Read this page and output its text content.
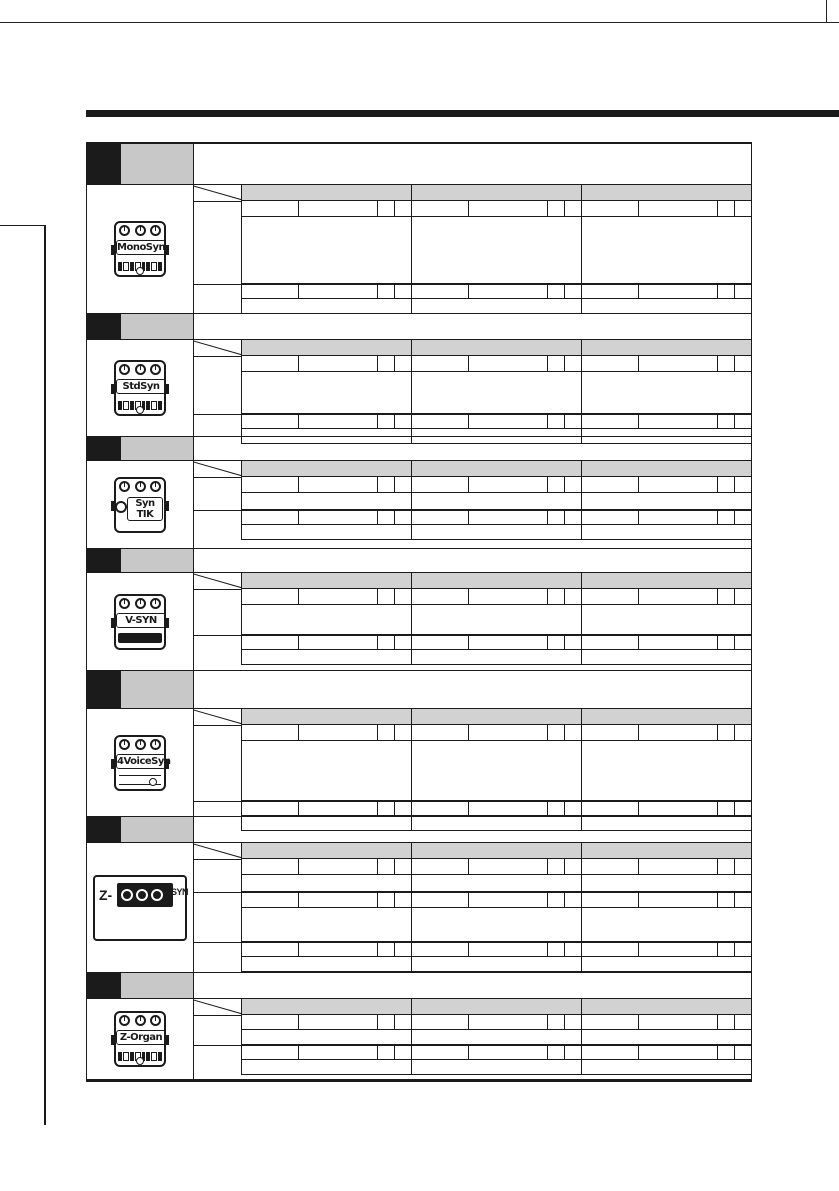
MonoSyn
StdSyn
Syn
TIK
V-SYN
4VoiceSyn
Z-	SYN
Z-Organ
